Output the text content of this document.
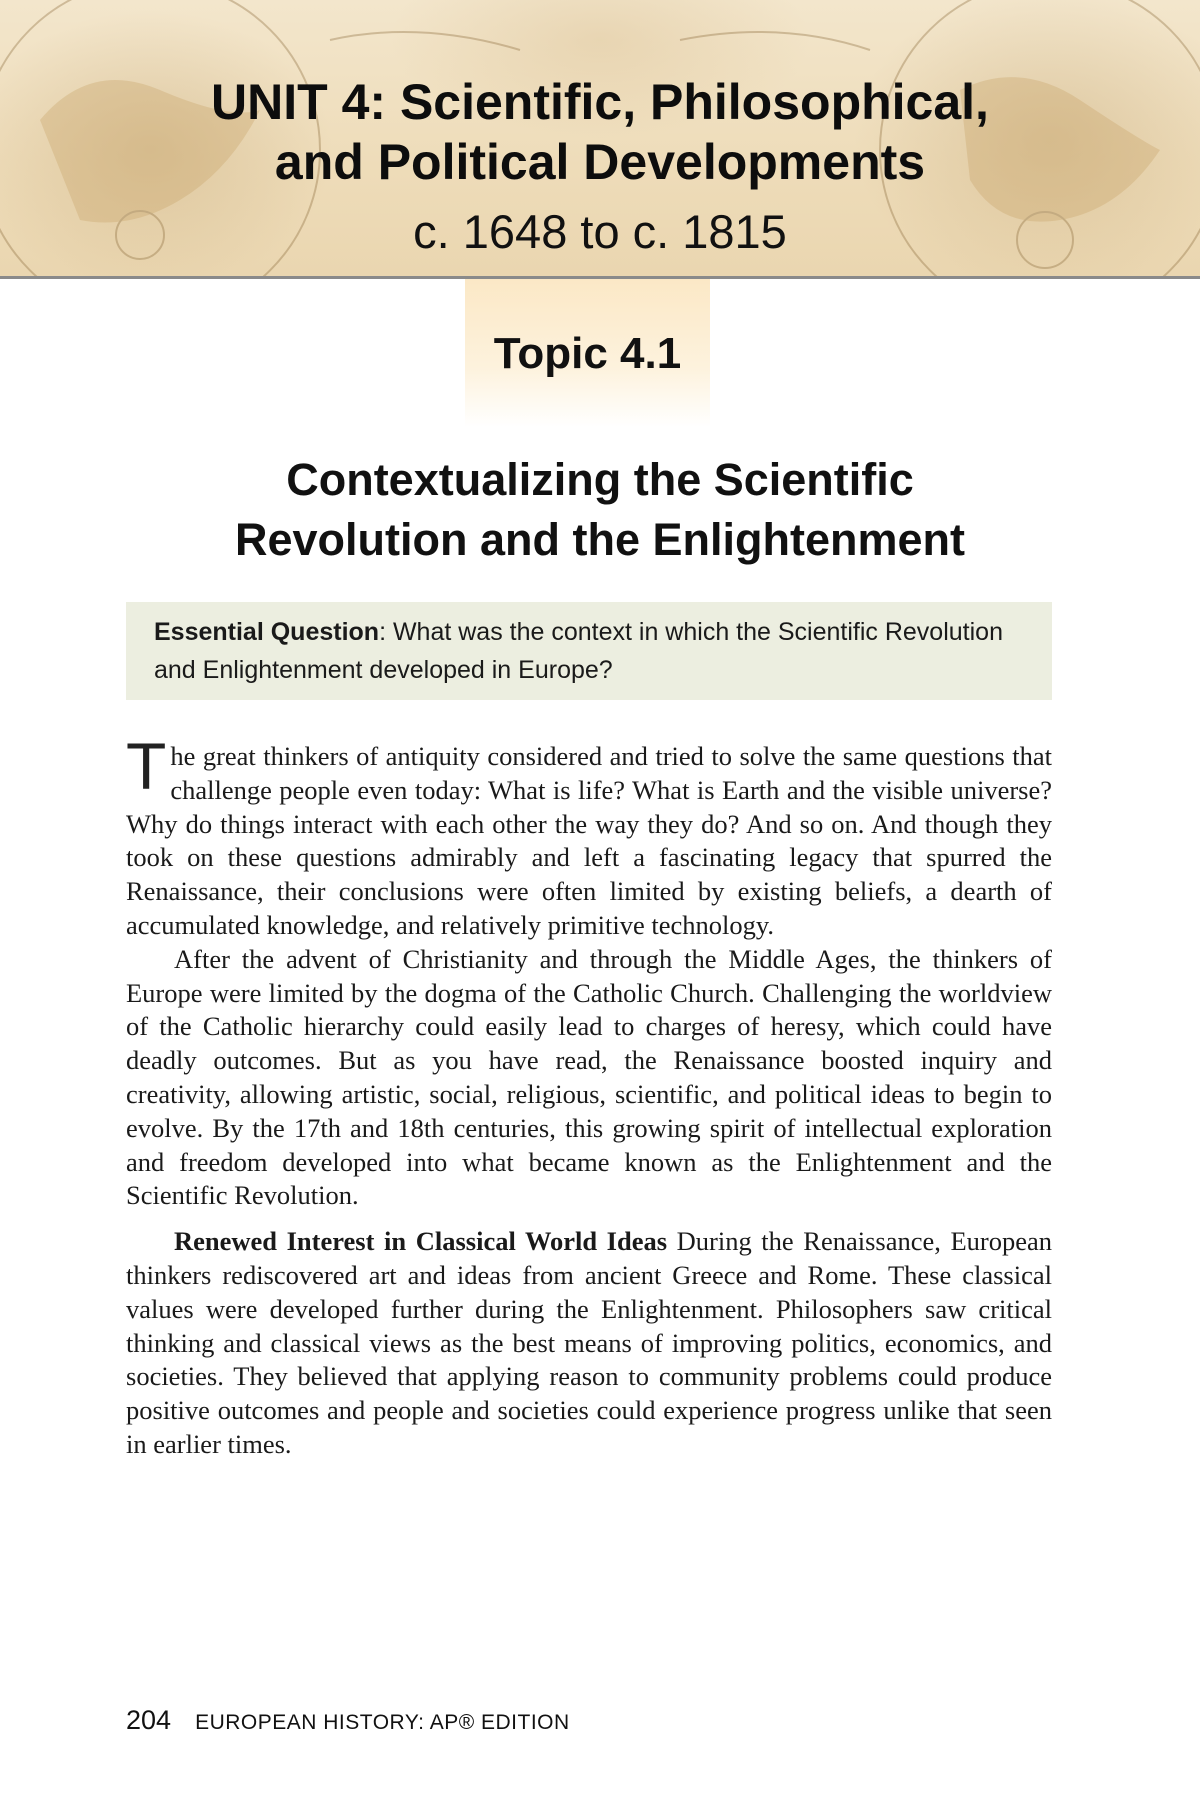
UNIT 4: Scientific, Philosophical,
and Political Developments
c. 1648 to c. 1815
Topic 4.1
Contextualizing the Scientific
Revolution and the Enlightenment
Essential Question: What was the context in which the Scientific Revolution and Enlightenment developed in Europe?

The great thinkers of antiquity considered and tried to solve the same questions that challenge people even today: What is life? What is Earth and the visible universe? Why do things interact with each other the way they do? And so on. And though they took on these questions admirably and left a fascinating legacy that spurred the Renaissance, their conclusions were often limited by existing beliefs, a dearth of accumulated knowledge, and relatively primitive technology.

After the advent of Christianity and through the Middle Ages, the thinkers of Europe were limited by the dogma of the Catholic Church. Challenging the worldview of the Catholic hierarchy could easily lead to charges of heresy, which could have deadly outcomes. But as you have read, the Renaissance boosted inquiry and creativity, allowing artistic, social, religious, scientific, and political ideas to begin to evolve. By the 17th and 18th centuries, this growing spirit of intellectual exploration and freedom developed into what became known as the Enlightenment and the Scientific Revolution.

Renewed Interest in Classical World Ideas During the Renaissance, European thinkers rediscovered art and ideas from ancient Greece and Rome. These classical values were developed further during the Enlightenment. Philosophers saw critical thinking and classical views as the best means of improving politics, economics, and societies. They believed that applying reason to community problems could produce positive outcomes and people and societies could experience progress unlike that seen in earlier times.

204 EUROPEAN HISTORY: AP® EDITION
